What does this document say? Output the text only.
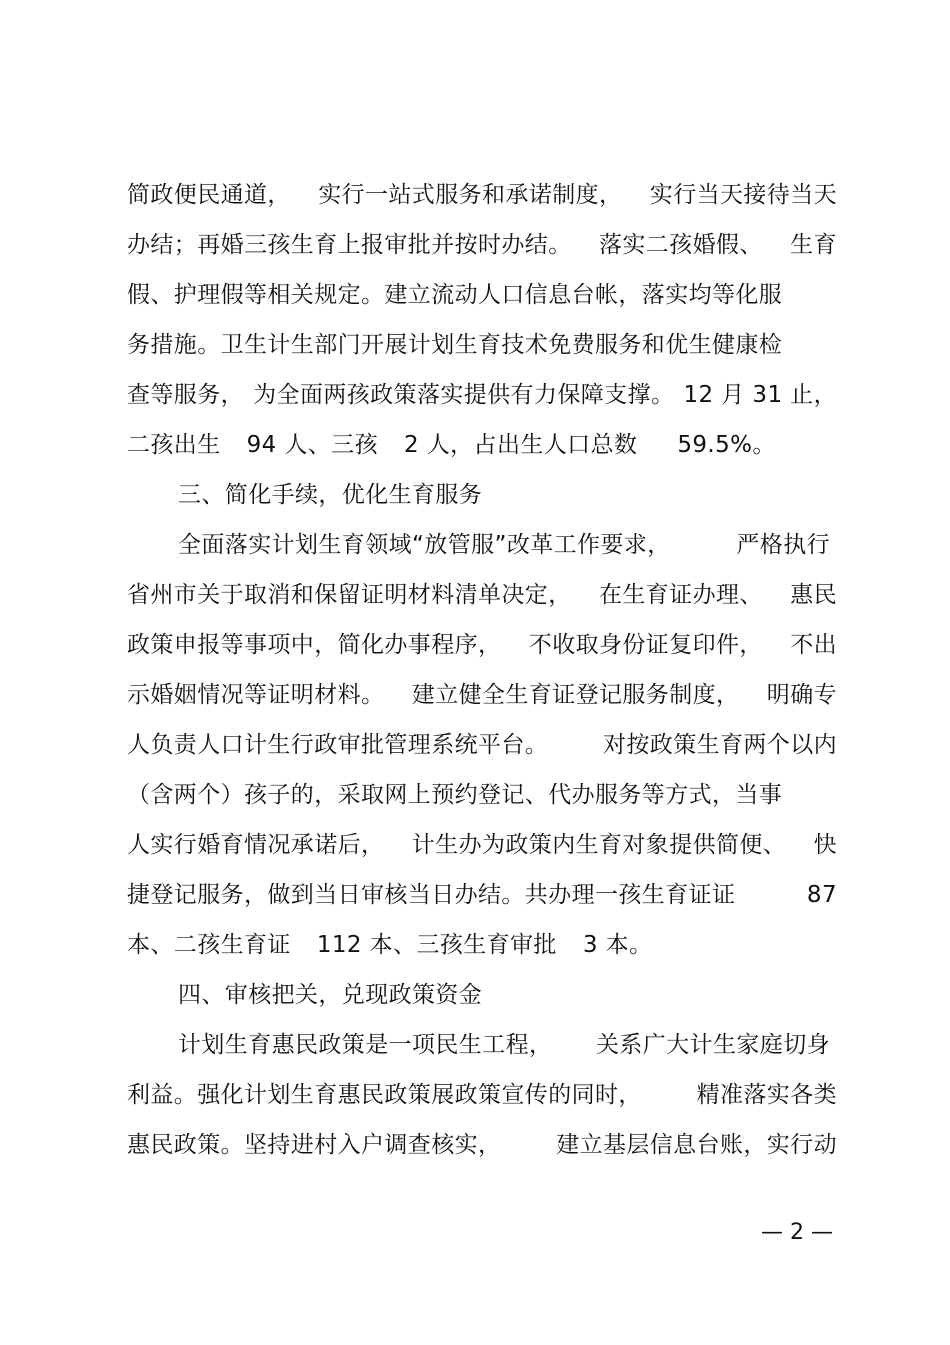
简政便民通道， 实行一站式服务和承诺制度， 实行当天接待当天
办结；再婚三孩生育上报审批并按时办结。 落实二孩婚假、 生育
假、护理假等相关规定。建立流动人口信息台帐，落实均等化服
务措施。卫生计生部门开展计划生育技术免费服务和优生健康检
查等服务， 为全面两孩政策落实提供有力保障支撑。 12 月 31 止，
二孩出生 94 人、三孩 2 人，占出生人口总数 59.5%。
三、简化手续，优化生育服务
全面落实计划生育领域“放管服”改革工作要求，	严格执行
省州市关于取消和保留证明材料清单决定， 在生育证办理、 惠民
政策申报等事项中，简化办事程序， 不收取身份证复印件， 不出
示婚姻情况等证明材料。 建立健全生育证登记服务制度， 明确专
人负责人口计生行政审批管理系统平台。 对按政策生育两个以内
（含两个）孩子的，采取网上预约登记、代办服务等方式，当事
人实行婚育情况承诺后， 计生办为政策内生育对象提供简便、 快
捷登记服务，做到当日审核当日办结。共办理一孩生育证证	87
本、二孩生育证 112 本、三孩生育审批 3 本。
四、审核把关，兑现政策资金
计划生育惠民政策是一项民生工程， 关系广大计生家庭切身
利益。强化计划生育惠民政策展政策宣传的同时， 精准落实各类
惠民政策。坚持进村入户调查核实， 建立基层信息台账，实行动
— 2 —
